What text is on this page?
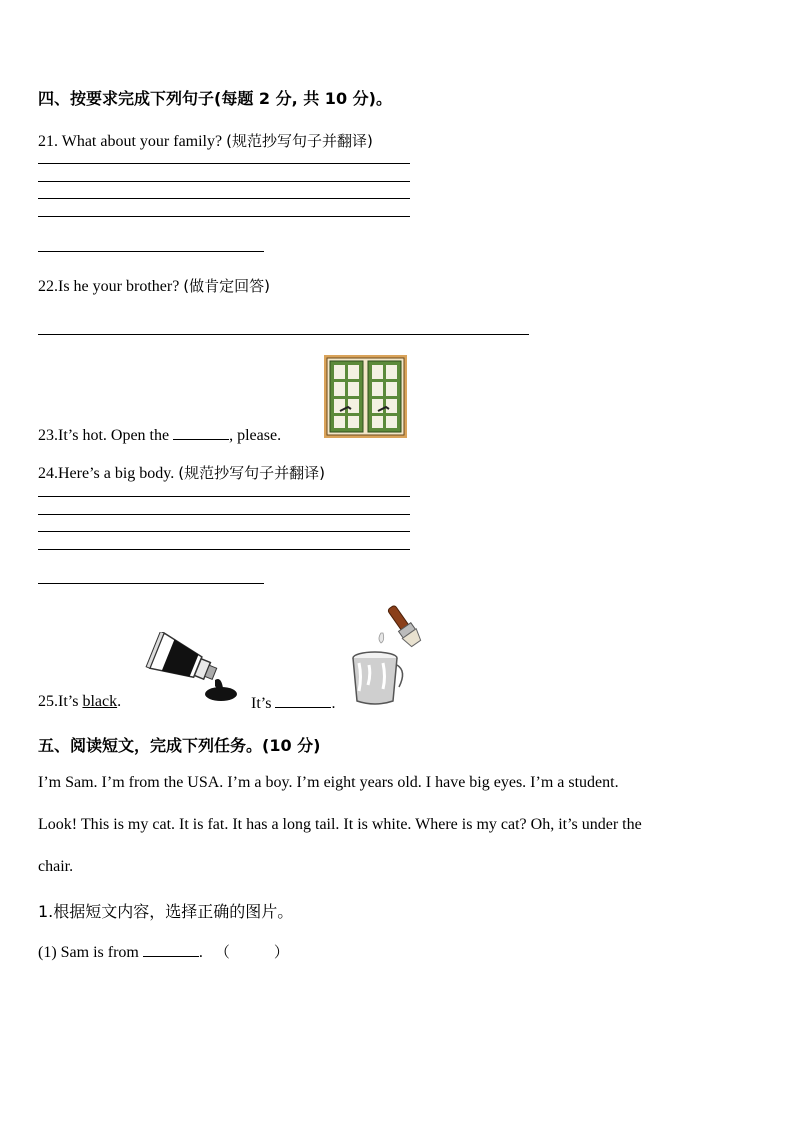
四、按要求完成下列句子(每题 2 分, 共 10 分)。
21. What about your family? (规范抄写句子并翻译)
22.Is he your brother? (做肯定回答)
23.It’s hot. Open the	, please.
24.Here’s a big body. (规范抄写句子并翻译)
25.It’s black.	It’s	.
五、阅读短文，完成下列任务。(10 分)
I’m Sam. I’m from the USA. I’m a boy. I’m eight years old. I have big eyes. I’m a student.
Look! This is my cat. It is fat. It has a long tail. It is white. Where is my cat? Oh, it’s under the
chair.
1.根据短文内容，选择正确的图片。
(1) Sam is from	. （	）
